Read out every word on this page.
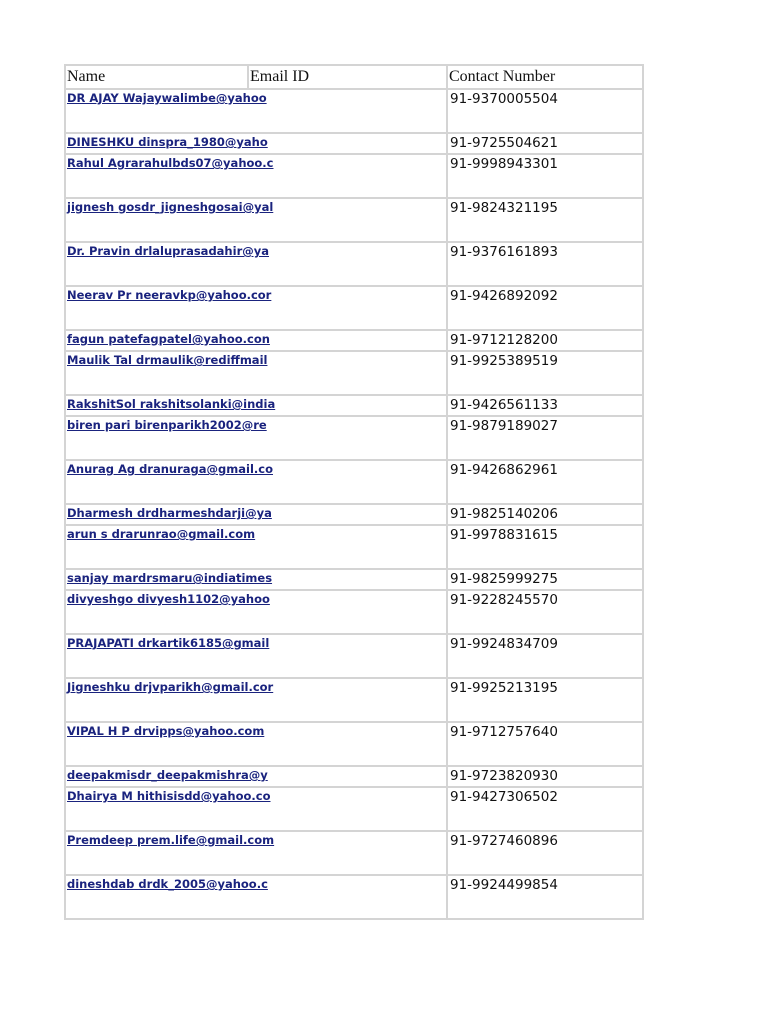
Name	Email ID	Contact Number

DR AJAY Wajaywalimbe@yahoo		91-9370005504

DINESHKU dinspra_1980@yaho		91-9725504621

Rahul Agrarahulbds07@yahoo.c		91-9998943301

jignesh gosdr_jigneshgosai@yal		91-9824321195

Dr. Pravin drlaluprasadahir@ya		91-9376161893

Neerav Pr neeravkp@yahoo.cor		91-9426892092

fagun patefagpatel@yahoo.con		91-9712128200

Maulik Tal drmaulik@rediffmail		91-9925389519

RakshitSol rakshitsolanki@india		91-9426561133

biren pari birenparikh2002@re		91-9879189027

Anurag Ag dranuraga@gmail.co		91-9426862961

Dharmesh drdharmeshdarji@ya		91-9825140206

arun s drarunrao@gmail.com		91-9978831615

sanjay mardrsmaru@indiatimes		91-9825999275

divyeshgo divyesh1102@yahoo		91-9228245570

PRAJAPATI drkartik6185@gmail		91-9924834709

Jigneshku drjvparikh@gmail.cor		91-9925213195

VIPAL H P drvipps@yahoo.com		91-9712757640

deepakmisdr_deepakmishra@y		91-9723820930

Dhairya M hithisisdd@yahoo.co		91-9427306502

Premdeep prem.life@gmail.com		91-9727460896

dineshdab drdk_2005@yahoo.c		91-9924499854
